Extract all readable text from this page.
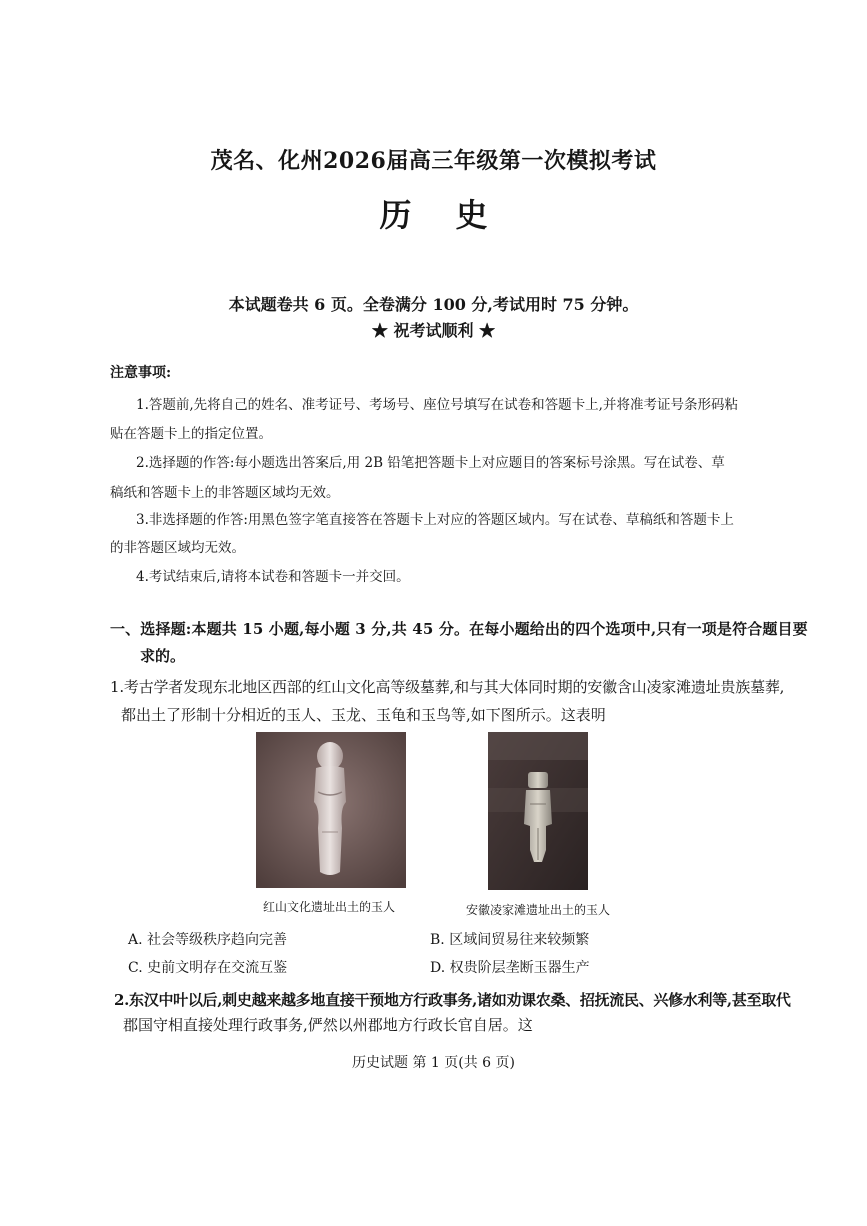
茂名、化州2026届高三年级第一次模拟考试
历史
本试题卷共 6 页。全卷满分 100 分,考试用时 75 分钟。
★ 祝考试顺利 ★
注意事项:
1.答题前,先将自己的姓名、准考证号、考场号、座位号填写在试卷和答题卡上,并将准考证号条形码粘
贴在答题卡上的指定位置。
2.选择题的作答:每小题选出答案后,用 2B 铅笔把答题卡上对应题目的答案标号涂黑。写在试卷、草
稿纸和答题卡上的非答题区域均无效。
3.非选择题的作答:用黑色签字笔直接答在答题卡上对应的答题区域内。写在试卷、草稿纸和答题卡上
的非答题区域均无效。
4.考试结束后,请将本试卷和答题卡一并交回。
一、选择题:本题共 15 小题,每小题 3 分,共 45 分。在每小题给出的四个选项中,只有一项是符合题目要
求的。
1.考古学者发现东北地区西部的红山文化高等级墓葬,和与其大体同时期的安徽含山凌家滩遗址贵族墓葬,
都出土了形制十分相近的玉人、玉龙、玉龟和玉鸟等,如下图所示。这表明
红山文化遗址出土的玉人	安徽凌家滩遗址出土的玉人
A. 社会等级秩序趋向完善	B. 区域间贸易往来较频繁
C. 史前文明存在交流互鉴	D. 权贵阶层垄断玉器生产
2.东汉中叶以后,刺史越来越多地直接干预地方行政事务,诸如劝课农桑、招抚流民、兴修水利等,甚至取代
郡国守相直接处理行政事务,俨然以州郡地方行政长官自居。这
历史试题 第 1 页(共 6 页)
